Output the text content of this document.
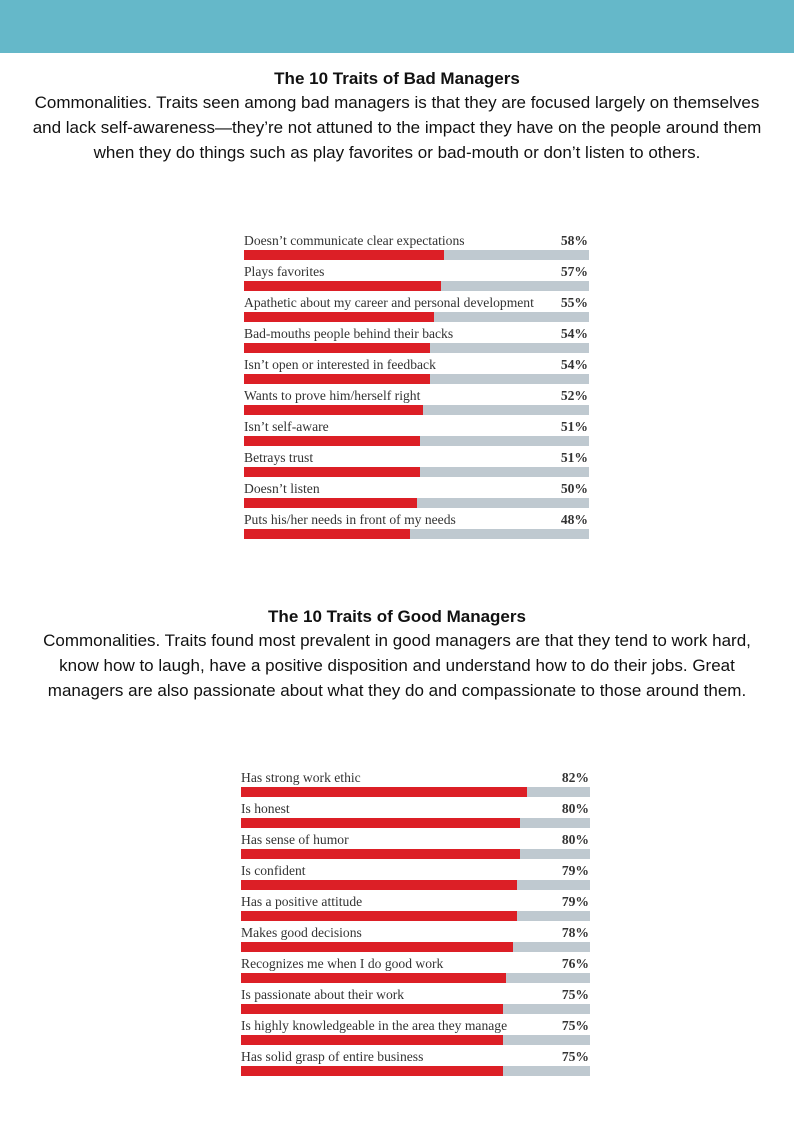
The 10 Traits of Bad Managers

Commonalities. Traits seen among bad managers is that they are focused largely on themselves and lack self-awareness—they’re not attuned to the impact they have on the people around them when they do things such as play favorites or bad-mouth or don’t listen to others.

Doesn’t communicate clear expectations	58%
Plays favorites	57%
Apathetic about my career and personal development 55%
Bad-mouths people behind their backs	54%
Isn’t open or interested in feedback	54%
Wants to prove him/herself right	52%
Isn’t self-aware	51%
Betrays trust	51%
Doesn’t listen	50%
Puts his/her needs in front of my needs	48%

The 10 Traits of Good Managers

Commonalities. Traits found most prevalent in good managers are that they tend to work hard, know how to laugh, have a positive disposition and understand how to do their jobs. Great managers are also passionate about what they do and compassionate to those around them.

Has strong work ethic	82%
Is honest	80%
Has sense of humor	80%
Is confident	79%
Has a positive attitude	79%
Makes good decisions	78%
Recognizes me when I do good work	76%
Is passionate about their work	75%
Is highly knowledgeable in the area they manage	75%
Has solid grasp of entire business	75%
